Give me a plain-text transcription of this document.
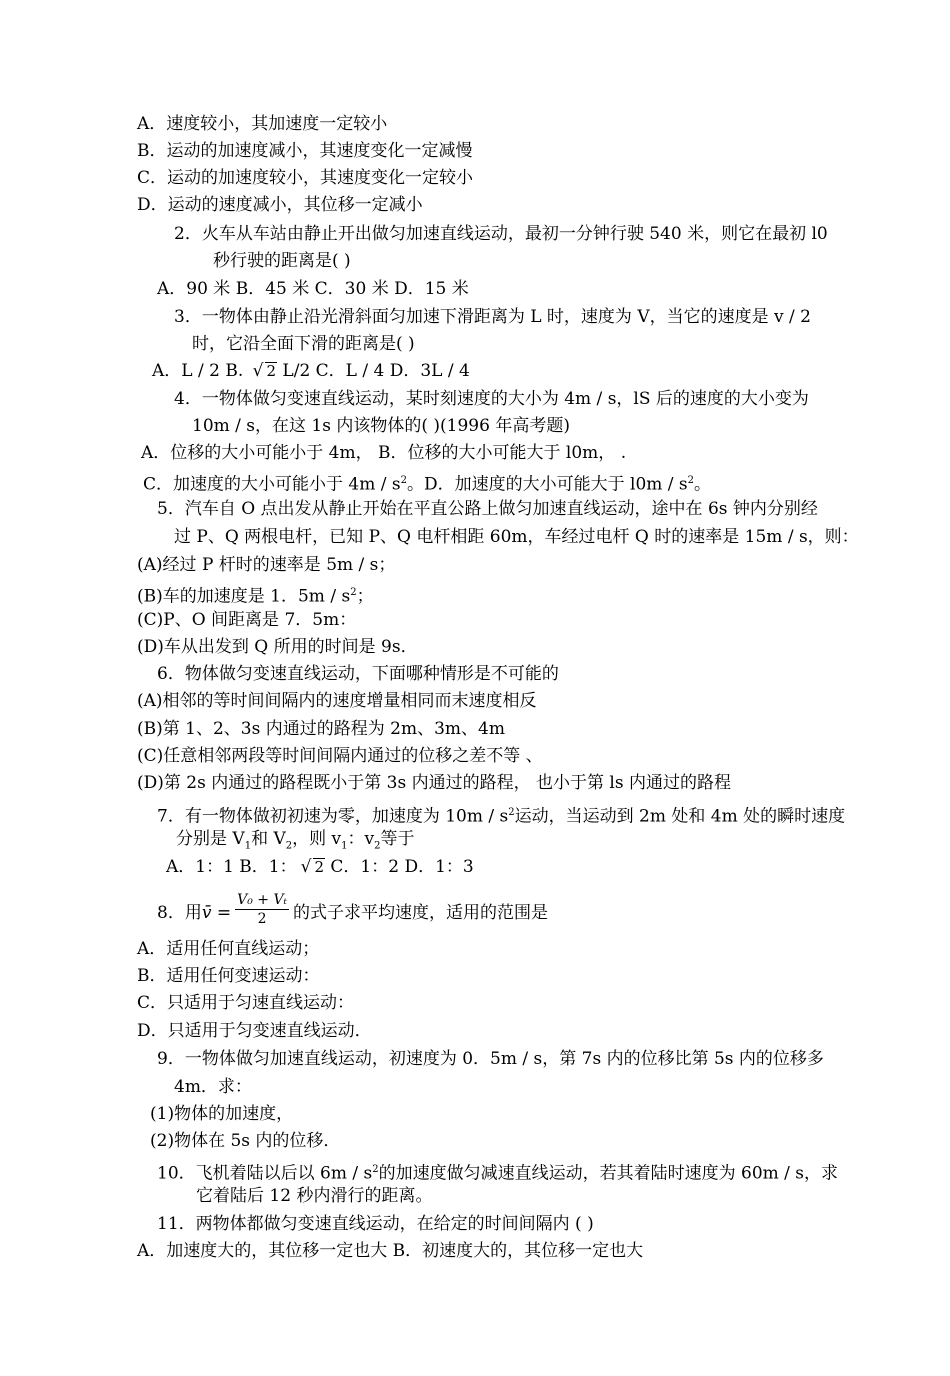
A．速度较小，其加速度一定较小
B．运动的加速度减小，其速度变化一定减慢
C．运动的加速度较小，其速度变化一定较小
D．运动的速度减小，其位移一定减小
2．火车从车站由静止开出做匀加速直线运动，最初一分钟行驶 540 米，则它在最初 l0
秒行驶的距离是( )
A．90 米 B．45 米 C．30 米 D．15 米
3．一物体由静止沿光滑斜面匀加速下滑距离为 L 时，速度为 V，当它的速度是 v / 2
时，它沿全面下滑的距离是( )
A．L / 2 B. √ 2 L/2 C．L / 4 D．3L / 4
4．一物体做匀变速直线运动，某时刻速度的大小为 4m / s，lS 后的速度的大小变为
10m / s，在这 1s 内该物体的( )(1996 年高考题)
A．位移的大小可能小于 4m， B．位移的大小可能大于 l0m， .
C．加速度的大小可能小于 $4m / s^2$。D．加速度的大小可能大于 $l0m / s^2$。
5．汽车自 O 点出发从静止开始在平直公路上做匀加速直线运动，途中在 6s 钟内分别经
过 P、Q 两根电杆，已知 P、Q 电杆相距 60m，车经过电杆 Q 时的速率是 15m / s，则：
(A)经过 P 杆时的速率是 5m / s；
(B)车的加速度是 1．$5m / s^2$；
(C)P、O 间距离是 7．5m：
(D)车从出发到 Q 所用的时间是 9s．
6．物体做匀变速直线运动，下面哪种情形是不可能的
(A)相邻的等时间间隔内的速度增量相同而末速度相反
(B)第 1、2、3s 内通过的路程为 2m、3m、4m
(C)任意相邻两段等时间间隔内通过的位移之差不等 、
(D)第 2s 内通过的路程既小于第 3s 内通过的路程， 也小于第 ls 内通过的路程
7．有一物体做初初速为零，加速度为 $10m / s^2$运动，当运动到 2m 处和 4m 处的瞬时速度
分别是 $V_1$和 $V_2$，则 $v_1$：$v_2$等于
A．1：1 B．1： √ 2 C．1：2 D．1：3
8．用v̄ = $\frac{\text{V₀ + Vₜ}}{2}$ 的式子求平均速度，适用的范围是
A．适用任何直线运动；
B．适用任何变速运动：
C．只适用于匀速直线运动：
D．只适用于匀变速直线运动．
9．一物体做匀加速直线运动，初速度为 0．5m / s，第 7s 内的位移比第 5s 内的位移多
4m．求：
(1)物体的加速度，
(2)物体在 5s 内的位移．
10．飞机着陆以后以 $6m / s^2$的加速度做匀减速直线运动，若其着陆时速度为 60m / s，求
它着陆后 12 秒内滑行的距离。
11．两物体都做匀变速直线运动，在给定的时间间隔内 ( )
A．加速度大的，其位移一定也大 B．初速度大的，其位移一定也大
